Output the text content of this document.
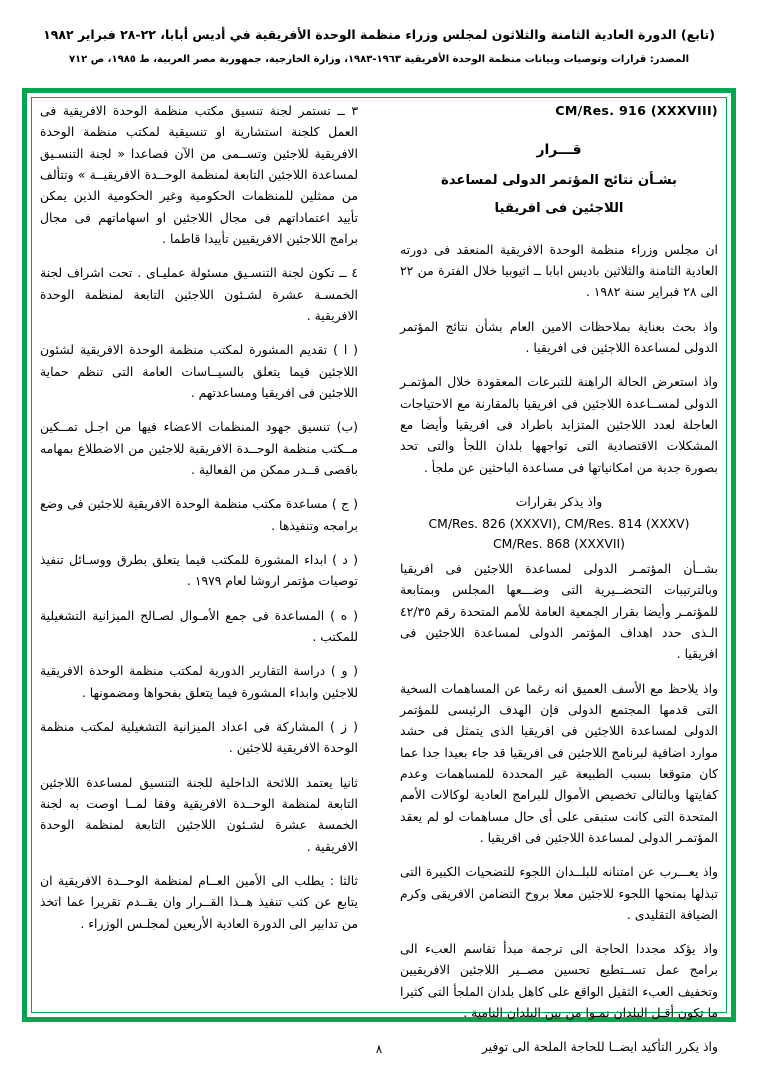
(تا‌بع) الدورة العادية الثامنة والثلاثون لمجلس وزراء منظمة الوحدة الأفريقية في أديس أبابا، ٢٢-٢٨ فبراير ١٩٨٢
المصدر: قرارات وتوصيات وبيانات منظمة الوحدة الأفريقية ١٩٦٣-١٩٨٣، وزارة الخارجية، جمهورية مصر العربية، ط ١٩٨٥، ص ٧١٢
CM/Res. 916 (XXXVIII)
قـــرار
بشـأن نتائج المؤتمر الدولى لمساعدة
اللاجئين فى افريقيا

ان مجلس وزراء منظمة الوحدة الافريقية المنعقد فى دورته العادية الثامنة والثلاثين باديس ابابا ــ اثيوبيا خلال الفترة من ٢٢ الى ٢٨ فبراير سنة ١٩٨٢ .

واذ بحث بعناية بملاحظات الامين العام بشأن نتائج المؤتمر الدولى لمساعدة اللاجئين فى افريقيا .

واذ استعرض الحالة الراهنة للتبرعات المعقودة خلال المؤتمـر الدولى لمســاعدة اللاجئين فى افريقيا بالمقارنة مع الاحتياجات العاجلة لعدد اللاجئين المتزايد باطراد فى افريقيا وأيضا مع المشكلات الاقتصادية التى تواجهها بلدان اللجأ والتى تحد بصورة جدية من امكانياتها فى مساعدة الباحثين عن ملجأ .

واذ يذكر بقرارات

CM/Res. 826 (XXXVI), CM/Res. 814 (XXXV)
CM/Res. 868 (XXXVII)

بشــأن المؤتمـر الدولى لمساعدة اللاجئين فى افريقيا وبالترتيبات التحضــيرية التى وضـــعها المجلس وبمتابعة للمؤتمـر وأيضا بقرار الجمعية العامة للأمم المتحدة رقم ٤٢/٣٥ الـذى حدد اهداف المؤتمر الدولى لمساعدة اللاجئين فى افريقيا .

واذ يلاحظ مع الأسف العميق انه رغما عن المساهمات السخية التى قدمها المجتمع الدولى فإن الهدف الرئيسى للمؤتمر الدولى لمساعدة اللاجئين فى افريقيا الذى يتمثل فى حشد موارد اضافية لبرنامج اللاجئين فى افريقيا قد جاء بعيدا جدا عما كان متوقعا بسبب الطبيعة غير المحددة للمساهمات وعدم كفايتها وبالتالى تخصيص الأموال للبرامج العادية لوكالات الأمم المتحدة التى كانت ستبقى على أى حال مساهمات لو لم يعقد المؤتمـر الدولى لمساعدة اللاجئين فى افريقيا .

واذ يعـــرب عن امتنانه للبلــدان اللجوء للتضحيات الكبيرة التى تبذلها بمنحها اللجوء للاجئين معلا بروح التضامن الافريقى وكرم الضيافة التقليدى .

واذ يؤكد مجددا الحاجة الى ترجمة مبدأ تقاسم العبء الى برامج عمل تســتطيع تحسين مصــير اللاجئين الافريقيين وتخفيف العبء الثقيل الواقع على كاهل بلدان الملجأ التى كثيرا ما تكون أقـل البلدان نمـوا من بين البلدان النامية .

واذ يكرر التأكيد ايضــا للحاجة الملحة الى توفير

٣ ــ تستمر لجنة تنسيق مكتب منظمة الوحدة الافريقية فى العمل كلجنة استشارية او تنسيقية لمكتب منظمة الوحدة الافريقية للاجئين وتســمى من الآن فصاعدا « لجنة التنسـيق لمساعدة اللاجئين التابعة لمنظمة الوحــدة الافريقيــة » وتتألف من ممثلين للمنظمات الحكومية وغير الحكومية الذين يمكن تأييد اعتماداتهم فى مجال اللاجئين او اسهاماتهم فى مجال برامج اللاجئين الافريقيين تأييدا قاطما .

٤ ــ تكون لجنة التنسـيق مسئولة عمليـاى . تحت اشراف لجنة الخمسـة عشرة لشـئون اللاجئين التابعة لمنظمة الوحدة الافريقية .

( ا ) تقديم المشورة لمكتب منظمة الوحدة الافريقية لشئون اللاجئين فيما يتعلق بالسيــاسات العامة التى تنظم حماية اللاجئين فى افريقيا ومساعدتهم .

(ب) تنسيق جهود المنظمات الاعضاء فيها من اجـل تمــكين مــكتب منظمة الوحــدة الافريقية للاجئين من الاضطلاع بمهامه باقصى قــدر ممكن من الفعالية .

( ج ) مساعدة مكتب منظمة الوحدة الافريقية للاجئين فى وضع برامجه وتنفيذها .

( د ) ابداء المشورة للمكتب فيما يتعلق بطرق ووسـائل تنفيذ توصيات مؤتمر اروشا لعام ١٩٧٩ .

( ه ) المساعدة فى جمع الأمـوال لصـالح الميزانية التشغيلية للمكتب .

( و ) دراسة التقارير الدورية لمكتب منظمة الوحدة الافريقية للاجئين وابداء المشورة فيما يتعلق بفحواها ومضمونها .

( ز ) المشاركة فى اعداد الميزانية التشغيلية لمكتب منظمة الوحدة الافريقية للاجئين .

ثانيا يعتمد اللائحة الداخلية للجنة التنسيق لمساعدة اللاجئين التابعة لمنظمة الوحــدة الافريقية وفقا لمــا اوصت به لجنة الخمسة عشرة لشـئون اللاجئين التابعة لمنظمة الوحدة الافريقية .

ثالثا : يطلب الى الأمين العــام لمنظمة الوحــدة الافريقية ان يتابع عن كثب تنفيذ هــذا القــرار وان يقــدم تقريرا عما اتخذ من تدابير الى الدورة العادية الأربعين لمجلـس الوزراء .

٨
